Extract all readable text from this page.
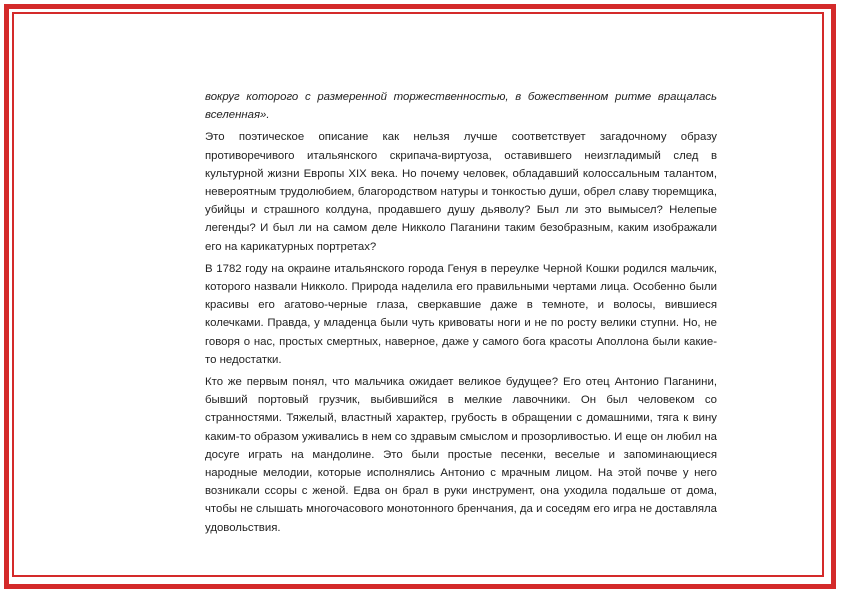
вокруг которого с размеренной торжественностью, в божественном ритме вращалась вселенная».

Это поэтическое описание как нельзя лучше соответствует загадочному образу противоречивого итальянского скрипача-виртуоза, оставившего неизгладимый след в культурной жизни Европы XIX века. Но почему человек, обладавший колоссальным талантом, невероятным трудолюбием, благородством натуры и тонкостью души, обрел славу тюремщика, убийцы и страшного колдуна, продавшего душу дьяволу? Был ли это вымысел? Нелепые легенды? И был ли на самом деле Никколо Паганини таким безобразным, каким изображали его на карикатурных портретах?

В 1782 году на окраине итальянского города Генуя в переулке Черной Кошки родился мальчик, которого назвали Никколо. Природа наделила его правильными чертами лица. Особенно были красивы его агатово-черные глаза, сверкавшие даже в темноте, и волосы, вившиеся колечками. Правда, у младенца были чуть кривоваты ноги и не по росту велики ступни. Но, не говоря о нас, простых смертных, наверное, даже у самого бога красоты Аполлона были какие-то недостатки.

Кто же первым понял, что мальчика ожидает великое будущее? Его отец Антонио Паганини, бывший портовый грузчик, выбившийся в мелкие лавочники. Он был человеком со странностями. Тяжелый, властный характер, грубость в обращении с домашними, тяга к вину каким-то образом уживались в нем со здравым смыслом и прозорливостью. И еще он любил на досуге играть на мандолине. Это были простые песенки, веселые и запоминающиеся народные мелодии, которые исполнялись Антонио с мрачным лицом. На этой почве у него возникали ссоры с женой. Едва он брал в руки инструмент, она уходила подальше от дома, чтобы не слышать многочасового монотонного бренчания, да и соседям его игра не доставляла удовольствия.
